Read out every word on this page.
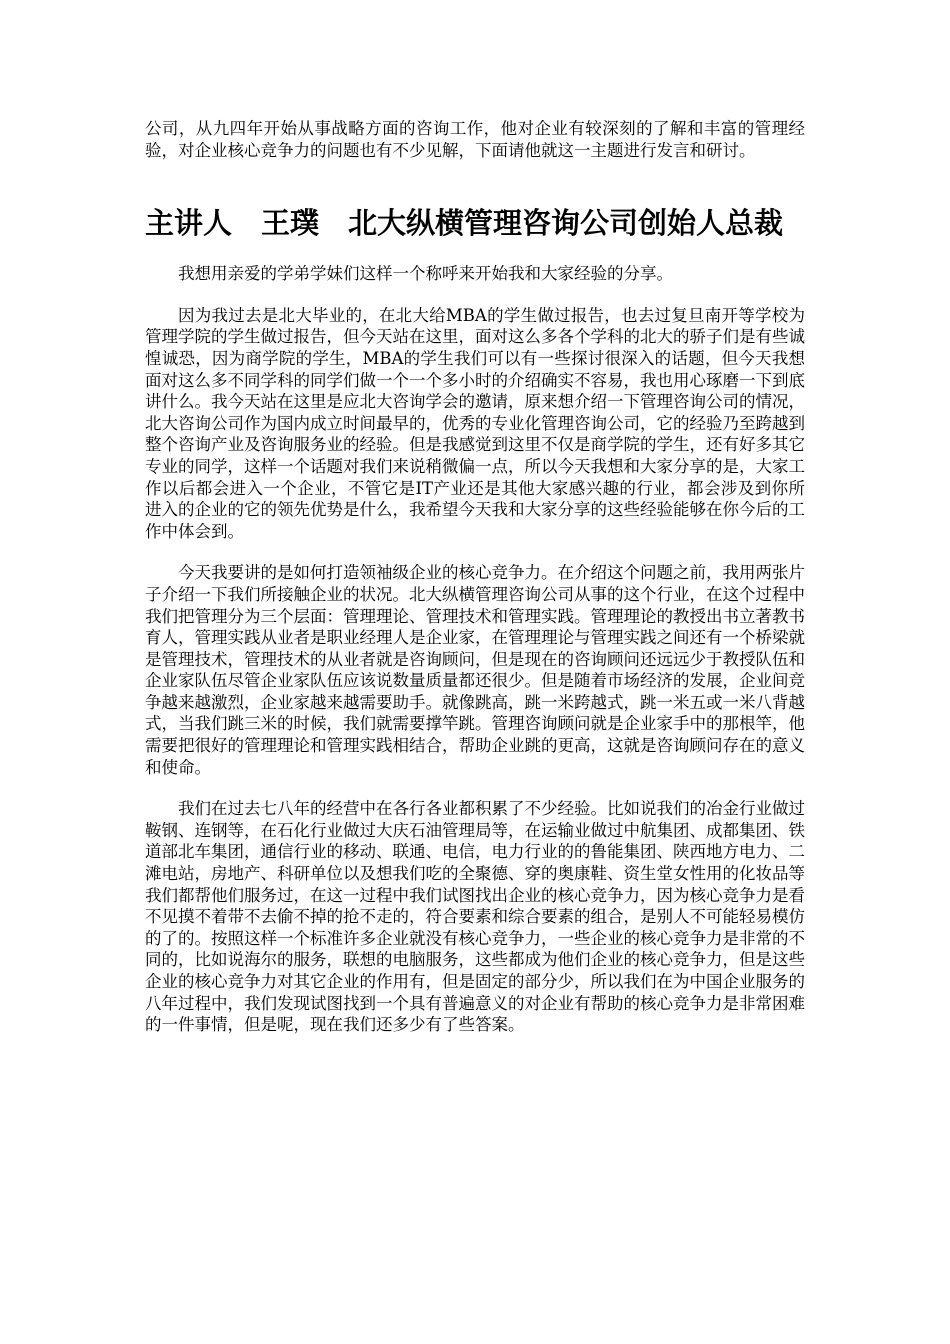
公司，从九四年开始从事战略方面的咨询工作，他对企业有较深刻的了解和丰富的管理经验，对企业核心竞争力的问题也有不少见解，下面请他就这一主题进行发言和研讨。

主讲人　王璞　北大纵横管理咨询公司创始人总裁

我想用亲爱的学弟学妹们这样一个称呼来开始我和大家经验的分享。

因为我过去是北大毕业的，在北大给MBA的学生做过报告，也去过复旦南开等学校为管理学院的学生做过报告，但今天站在这里，面对这么多各个学科的北大的骄子们是有些诚惶诚恐，因为商学院的学生，MBA的学生我们可以有一些探讨很深入的话题，但今天我想面对这么多不同学科的同学们做一个一个多小时的介绍确实不容易，我也用心琢磨一下到底讲什么。我今天站在这里是应北大咨询学会的邀请，原来想介绍一下管理咨询公司的情况，北大咨询公司作为国内成立时间最早的，优秀的专业化管理咨询公司，它的经验乃至跨越到整个咨询产业及咨询服务业的经验。但是我感觉到这里不仅是商学院的学生，还有好多其它专业的同学，这样一个话题对我们来说稍微偏一点，所以今天我想和大家分享的是，大家工作以后都会进入一个企业，不管它是IT产业还是其他大家感兴趣的行业，都会涉及到你所进入的企业的它的领先优势是什么，我希望今天我和大家分享的这些经验能够在你今后的工作中体会到。

今天我要讲的是如何打造领袖级企业的核心竞争力。在介绍这个问题之前，我用两张片子介绍一下我们所接触企业的状况。北大纵横管理咨询公司从事的这个行业，在这个过程中我们把管理分为三个层面：管理理论、管理技术和管理实践。管理理论的教授出书立著教书育人，管理实践从业者是职业经理人是企业家，在管理理论与管理实践之间还有一个桥梁就是管理技术，管理技术的从业者就是咨询顾问，但是现在的咨询顾问还远远少于教授队伍和企业家队伍尽管企业家队伍应该说数量质量都还很少。但是随着市场经济的发展，企业间竞争越来越激烈，企业家越来越需要助手。就像跳高，跳一米跨越式，跳一米五或一米八背越式，当我们跳三米的时候，我们就需要撑竿跳。管理咨询顾问就是企业家手中的那根竿，他需要把很好的管理理论和管理实践相结合，帮助企业跳的更高，这就是咨询顾问存在的意义和使命。

我们在过去七八年的经营中在各行各业都积累了不少经验。比如说我们的冶金行业做过鞍钢、连钢等，在石化行业做过大庆石油管理局等，在运输业做过中航集团、成都集团、铁道部北车集团，通信行业的移动、联通、电信，电力行业的的鲁能集团、陕西地方电力、二滩电站，房地产、科研单位以及想我们吃的全聚德、穿的奥康鞋、资生堂女性用的化妆品等我们都帮他们服务过，在这一过程中我们试图找出企业的核心竞争力，因为核心竞争力是看不见摸不着带不去偷不掉的抢不走的，符合要素和综合要素的组合，是别人不可能轻易模仿的了的。按照这样一个标准许多企业就没有核心竞争力，一些企业的核心竞争力是非常的不同的，比如说海尔的服务，联想的电脑服务，这些都成为他们企业的核心竞争力，但是这些企业的核心竞争力对其它企业的作用有，但是固定的部分少，所以我们在为中国企业服务的八年过程中，我们发现试图找到一个具有普遍意义的对企业有帮助的核心竞争力是非常困难的一件事情，但是呢，现在我们还多少有了些答案。
